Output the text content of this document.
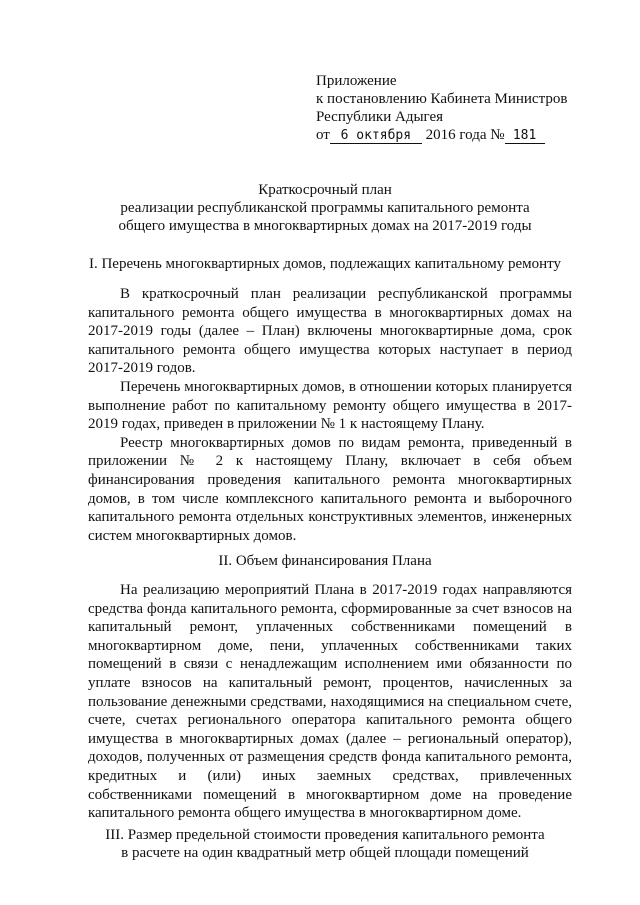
Приложение
к постановлению Кабинета Министров
Республики Адыгея
от 6 октября 2016 года № 181
Краткосрочный план
реализации республиканской программы капитального ремонта
общего имущества в многоквартирных домах на 2017-2019 годы
I. Перечень многоквартирных домов, подлежащих капитальному ремонту

В краткосрочный план реализации республиканской программы капитального ремонта общего имущества в многоквартирных домах на 2017-2019 годы (далее – План) включены многоквартирные дома, срок капитального ремонта общего имущества которых наступает в период 2017-2019 годов.

Перечень многоквартирных домов, в отношении которых планируется выполнение работ по капитальному ремонту общего имущества в 2017-2019 годах, приведен в приложении № 1 к настоящему Плану.

Реестр многоквартирных домов по видам ремонта, приведенный в приложении № 2 к настоящему Плану, включает в себя объем финансирования проведения капитального ремонта многоквартирных домов, в том числе комплексного капитального ремонта и выборочного капитального ремонта отдельных конструктивных элементов, инженерных систем многоквартирных домов.

II. Объем финансирования Плана

На реализацию мероприятий Плана в 2017-2019 годах направляются средства фонда капитального ремонта, сформированные за счет взносов на капитальный ремонт, уплаченных собственниками помещений в многоквартирном доме, пени, уплаченных собственниками таких помещений в связи с ненадлежащим исполнением ими обязанности по уплате взносов на капитальный ремонт, процентов, начисленных за пользование денежными средствами, находящимися на специальном счете, счете, счетах регионального оператора капитального ремонта общего имущества в многоквартирных домах (далее – региональный оператор), доходов, полученных от размещения средств фонда капитального ремонта, кредитных и (или) иных заемных средствах, привлеченных собственниками помещений в многоквартирном доме на проведение капитального ремонта общего имущества в многоквартирном доме.

III. Размер предельной стоимости проведения капитального ремонта
в расчете на один квадратный метр общей площади помещений
